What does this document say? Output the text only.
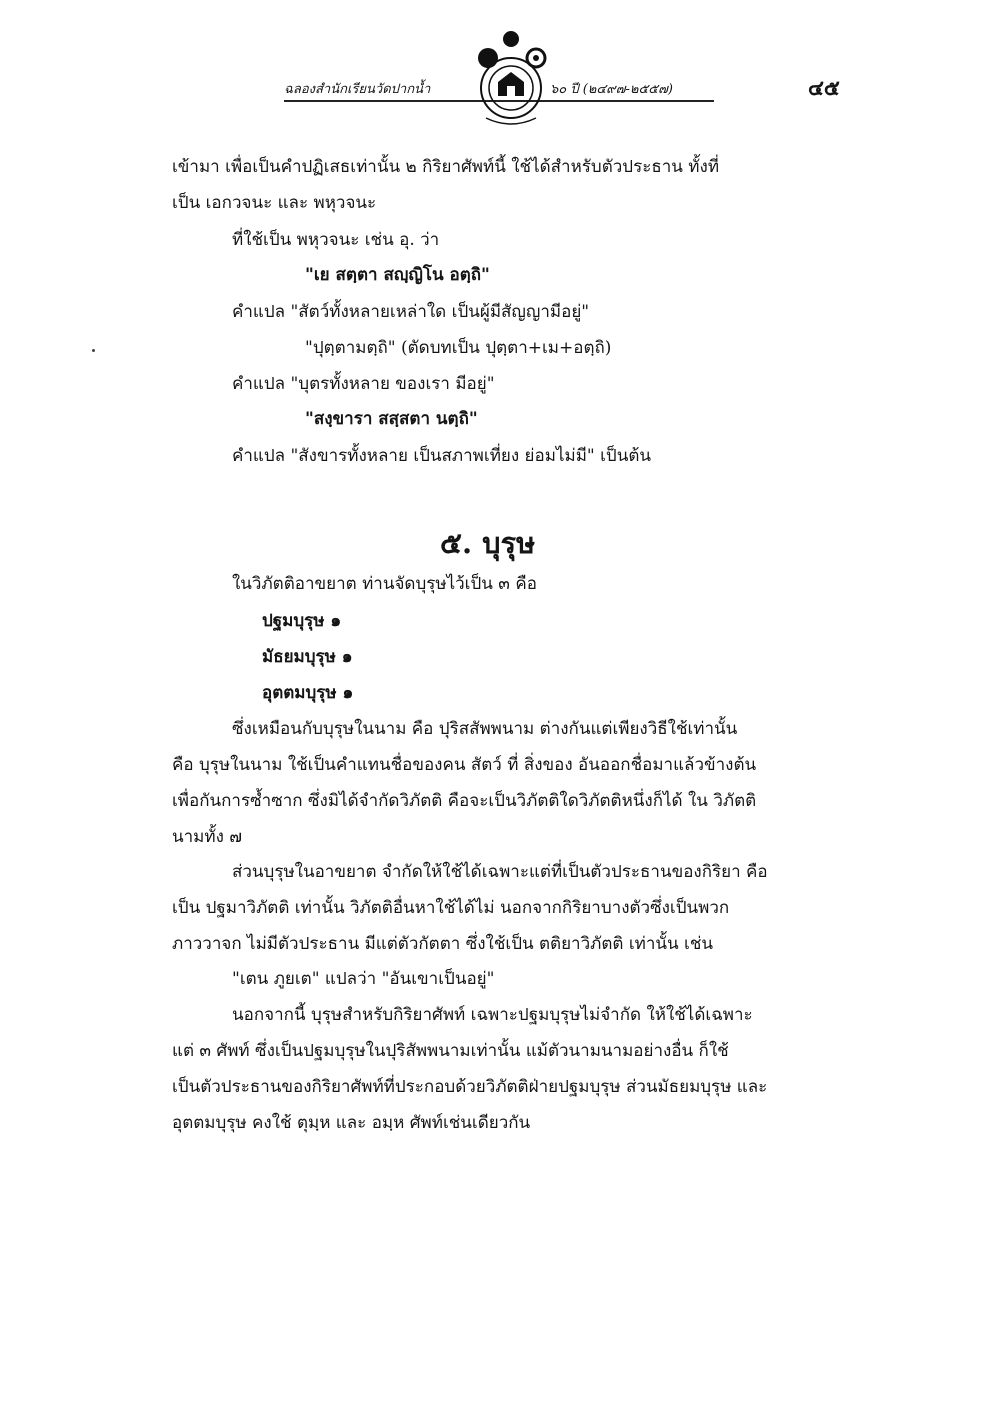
ฉลองสำนักเรียนวัดปากน้ำ	๖๐ ปี (๒๔๙๗-๒๕๕๗)	๔๕
เข้ามา เพื่อเป็นคำปฏิเสธเท่านั้น ๒ กิริยาศัพท์นี้ ใช้ได้สำหรับตัวประธาน ทั้งที่
เป็น เอกวจนะ และ พหุวจนะ
ที่ใช้เป็น พหุวจนะ เช่น อุ. ว่า
"เย สตฺตา สญฺญิโน อตฺถิ"
คำแปล "สัตว์ทั้งหลายเหล่าใด เป็นผู้มีสัญญามีอยู่"
"ปุตฺตามตฺถิ" (ตัดบทเป็น ปุตฺตา+เม+อตฺถิ)
คำแปล "บุตรทั้งหลาย ของเรา มีอยู่"
"สงฺขารา สสฺสตา นตฺถิ"
คำแปล "สังขารทั้งหลาย เป็นสภาพเที่ยง ย่อมไม่มี" เป็นต้น
๕. บุรุษ
ในวิภัตติอาขยาต ท่านจัดบุรุษไว้เป็น ๓ คือ
ปฐมบุรุษ ๑
มัธยมบุรุษ ๑
อุตตมบุรุษ ๑
ซึ่งเหมือนกับบุรุษในนาม คือ ปุริสสัพพนาม ต่างกันแต่เพียงวิธีใช้เท่านั้น
คือ บุรุษในนาม ใช้เป็นคำแทนชื่อของคน สัตว์ ที่ สิ่งของ อันออกชื่อมาแล้วข้างต้น
เพื่อกันการซ้ำซาก ซึ่งมิได้จำกัดวิภัตติ คือจะเป็นวิภัตติใดวิภัตติหนึ่งก็ได้ ใน วิภัตติ
นามทั้ง ๗
ส่วนบุรุษในอาขยาต จำกัดให้ใช้ได้เฉพาะแต่ที่เป็นตัวประธานของกิริยา คือ
เป็น ปฐมาวิภัตติ เท่านั้น วิภัตติอื่นหาใช้ได้ไม่ นอกจากกิริยาบางตัวซึ่งเป็นพวก
ภาววาจก ไม่มีตัวประธาน มีแต่ตัวกัตตา ซึ่งใช้เป็น ตติยาวิภัตติ เท่านั้น เช่น
"เตน ภูยเต" แปลว่า "อันเขาเป็นอยู่"
นอกจากนี้ บุรุษสำหรับกิริยาศัพท์ เฉพาะปฐมบุรุษไม่จำกัด ให้ใช้ได้เฉพาะ
แต่ ๓ ศัพท์ ซึ่งเป็นปฐมบุรุษในปุริสัพพนามเท่านั้น แม้ตัวนามนามอย่างอื่น ก็ใช้
เป็นตัวประธานของกิริยาศัพท์ที่ประกอบด้วยวิภัตติฝ่ายปฐมบุรุษ ส่วนมัธยมบุรุษ และ
อุตตมบุรุษ คงใช้ ตุมฺห และ อมฺห ศัพท์เช่นเดียวกัน
